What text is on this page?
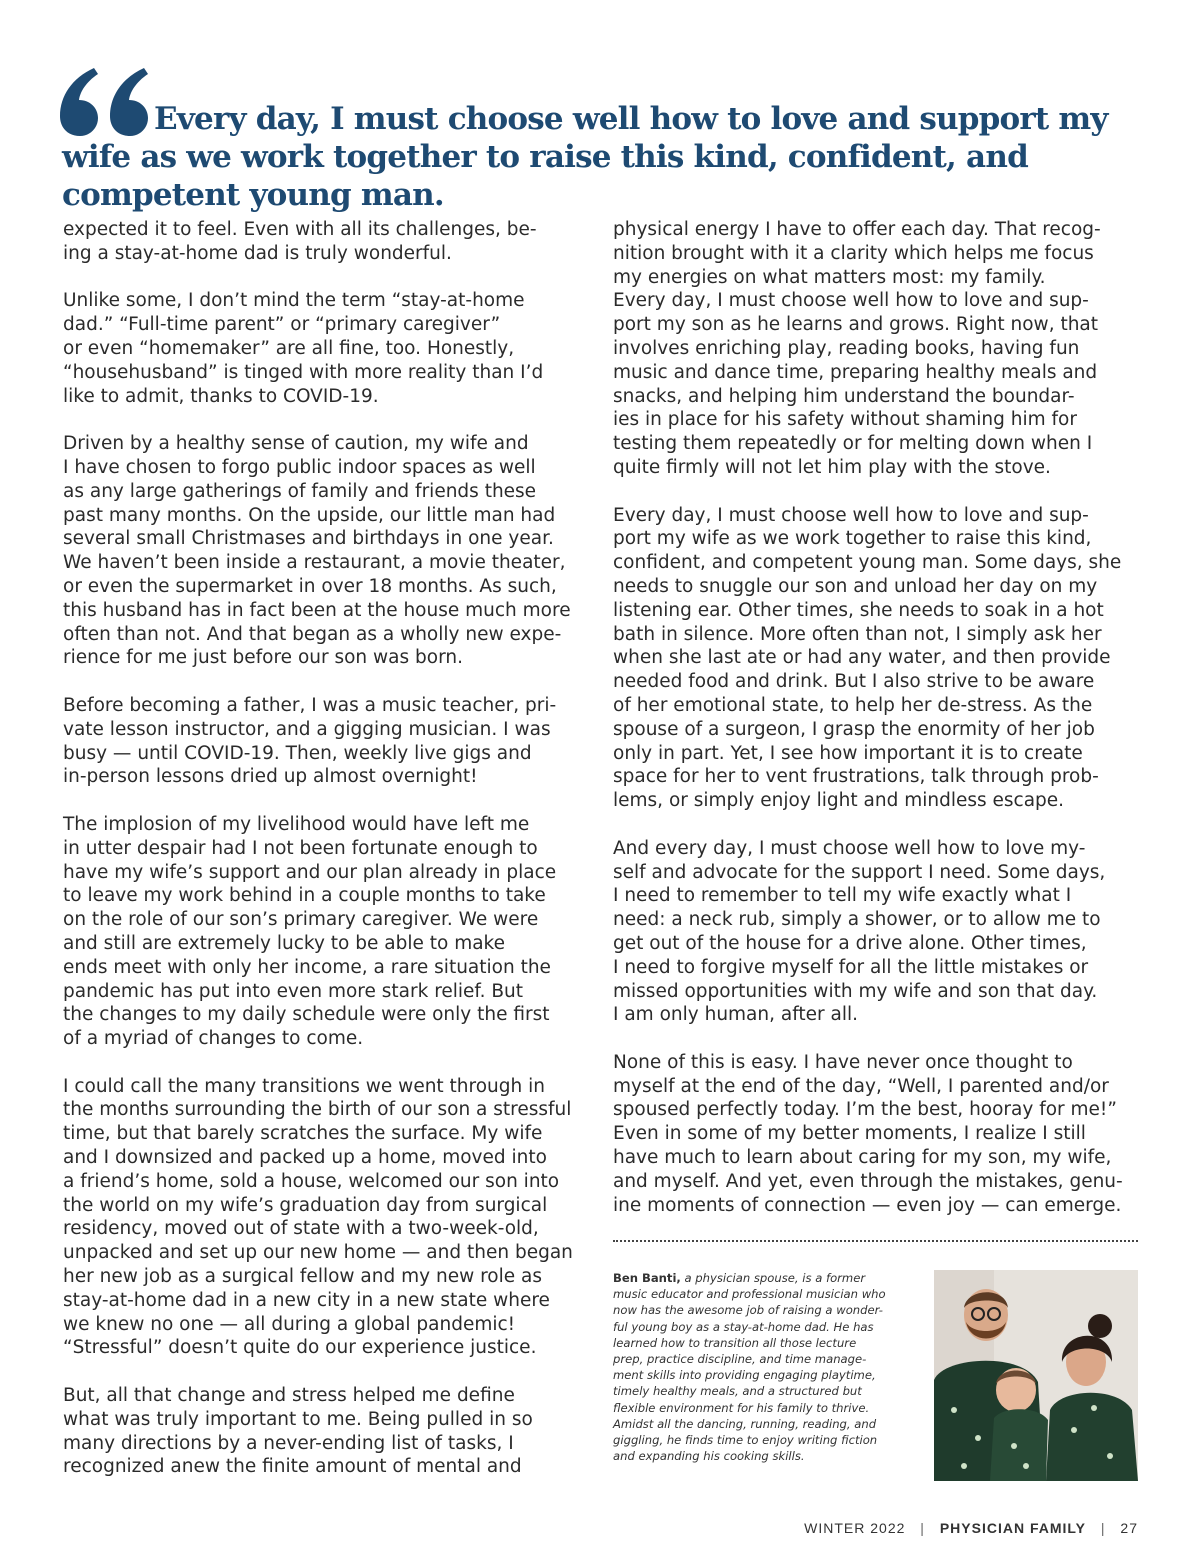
Every day, I must choose well how to love and support my wife as we work together to raise this kind, confident, and competent young man.

expected it to feel. Even with all its challenges, be-
ing a stay-at-home dad is truly wonderful.

Unlike some, I don’t mind the term “stay-at-home
dad.” “Full-time parent” or “primary caregiver”
or even “homemaker” are all fine, too. Honestly,
“househusband” is tinged with more reality than I’d
like to admit, thanks to COVID-19.

Driven by a healthy sense of caution, my wife and
I have chosen to forgo public indoor spaces as well
as any large gatherings of family and friends these
past many months. On the upside, our little man had
several small Christmases and birthdays in one year.
We haven’t been inside a restaurant, a movie theater,
or even the supermarket in over 18 months. As such,
this husband has in fact been at the house much more
often than not. And that began as a wholly new expe-
rience for me just before our son was born.

Before becoming a father, I was a music teacher, pri-
vate lesson instructor, and a gigging musician. I was
busy — until COVID-19. Then, weekly live gigs and
in-person lessons dried up almost overnight!

The implosion of my livelihood would have left me
in utter despair had I not been fortunate enough to
have my wife’s support and our plan already in place
to leave my work behind in a couple months to take
on the role of our son’s primary caregiver. We were
and still are extremely lucky to be able to make
ends meet with only her income, a rare situation the
pandemic has put into even more stark relief. But
the changes to my daily schedule were only the first
of a myriad of changes to come.

I could call the many transitions we went through in
the months surrounding the birth of our son a stressful
time, but that barely scratches the surface. My wife
and I downsized and packed up a home, moved into
a friend’s home, sold a house, welcomed our son into
the world on my wife’s graduation day from surgical
residency, moved out of state with a two-week-old,
unpacked and set up our new home — and then began
her new job as a surgical fellow and my new role as
stay-at-home dad in a new city in a new state where
we knew no one — all during a global pandemic!
“Stressful” doesn’t quite do our experience justice.

But, all that change and stress helped me define
what was truly important to me. Being pulled in so
many directions by a never-ending list of tasks, I
recognized anew the finite amount of mental and

physical energy I have to offer each day. That recog-
nition brought with it a clarity which helps me focus
my energies on what matters most: my family.
Every day, I must choose well how to love and sup-
port my son as he learns and grows. Right now, that
involves enriching play, reading books, having fun
music and dance time, preparing healthy meals and
snacks, and helping him understand the boundar-
ies in place for his safety without shaming him for
testing them repeatedly or for melting down when I
quite firmly will not let him play with the stove.

Every day, I must choose well how to love and sup-
port my wife as we work together to raise this kind,
confident, and competent young man. Some days, she
needs to snuggle our son and unload her day on my
listening ear. Other times, she needs to soak in a hot
bath in silence. More often than not, I simply ask her
when she last ate or had any water, and then provide
needed food and drink. But I also strive to be aware
of her emotional state, to help her de-stress. As the
spouse of a surgeon, I grasp the enormity of her job
only in part. Yet, I see how important it is to create
space for her to vent frustrations, talk through prob-
lems, or simply enjoy light and mindless escape.

And every day, I must choose well how to love my-
self and advocate for the support I need. Some days,
I need to remember to tell my wife exactly what I
need: a neck rub, simply a shower, or to allow me to
get out of the house for a drive alone. Other times,
I need to forgive myself for all the little mistakes or
missed opportunities with my wife and son that day.
I am only human, after all.

None of this is easy. I have never once thought to
myself at the end of the day, “Well, I parented and/or
spoused perfectly today. I’m the best, hooray for me!”
Even in some of my better moments, I realize I still
have much to learn about caring for my son, my wife,
and myself. And yet, even through the mistakes, genu-
ine moments of connection — even joy — can emerge.

Ben Banti, a physician spouse, is a former
music educator and professional musician who
now has the awesome job of raising a wonder-
ful young boy as a stay-at-home dad. He has
learned how to transition all those lecture
prep, practice discipline, and time manage-
ment skills into providing engaging playtime,
timely healthy meals, and a structured but
flexible environment for his family to thrive.
Amidst all the dancing, running, reading, and
giggling, he finds time to enjoy writing fiction
and expanding his cooking skills.

WINTER 2022 | PHYSICIAN FAMILY | 27
